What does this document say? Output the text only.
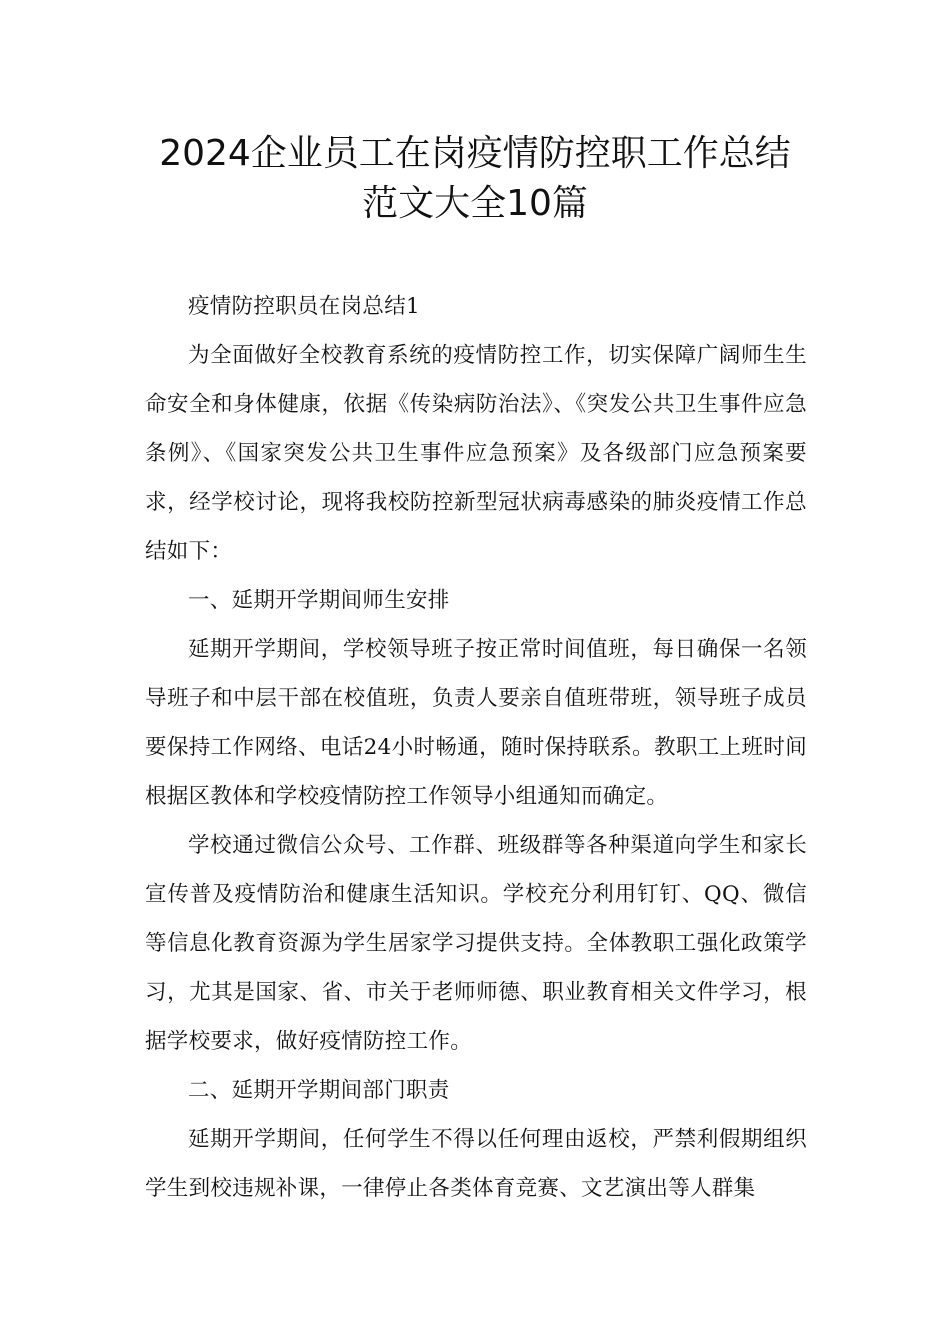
2024企业员工在岗疫情防控职工作总结
范文大全10篇

疫情防控职员在岗总结1

为全面做好全校教育系统的疫情防控工作，切实保障广阔师生生命安全和身体健康，依据《传染病防治法》、《突发公共卫生事件应急条例》、《国家突发公共卫生事件应急预案》及各级部门应急预案要求，经学校讨论，现将我校防控新型冠状病毒感染的肺炎疫情工作总结如下：

一、延期开学期间师生安排

延期开学期间，学校领导班子按正常时间值班，每日确保一名领导班子和中层干部在校值班，负责人要亲自值班带班，领导班子成员要保持工作网络、电话24小时畅通，随时保持联系。教职工上班时间根据区教体和学校疫情防控工作领导小组通知而确定。

学校通过微信公众号、工作群、班级群等各种渠道向学生和家长宣传普及疫情防治和健康生活知识。学校充分利用钉钉、QQ、微信等信息化教育资源为学生居家学习提供支持。全体教职工强化政策学习，尤其是国家、省、市关于老师师德、职业教育相关文件学习，根据学校要求，做好疫情防控工作。

二、延期开学期间部门职责

延期开学期间，任何学生不得以任何理由返校，严禁利假期组织学生到校违规补课，一律停止各类体育竞赛、文艺演出等人群集
